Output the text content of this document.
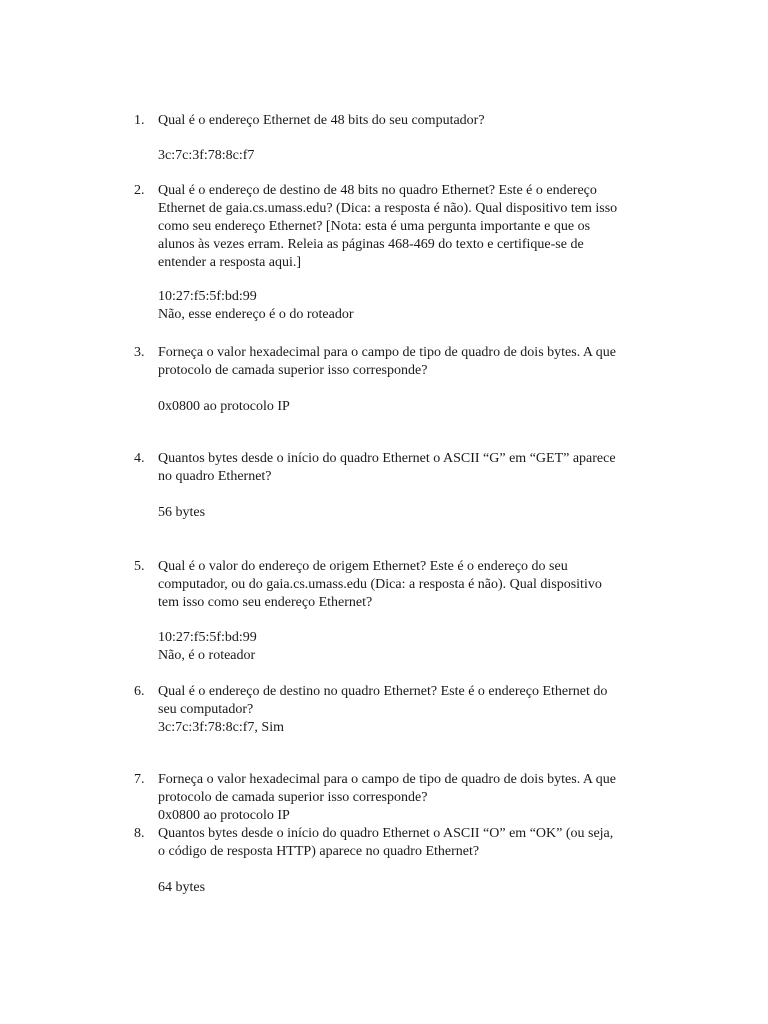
1. Qual é o endereço Ethernet de 48 bits do seu computador?
3c:7c:3f:78:8c:f7
2. Qual é o endereço de destino de 48 bits no quadro Ethernet? Este é o endereço
Ethernet de gaia.cs.umass.edu? (Dica: a resposta é não). Qual dispositivo tem isso
como seu endereço Ethernet? [Nota: esta é uma pergunta importante e que os
alunos às vezes erram. Releia as páginas 468-469 do texto e certifique-se de
entender a resposta aqui.]
10:27:f5:5f:bd:99
Não, esse endereço é o do roteador
3. Forneça o valor hexadecimal para o campo de tipo de quadro de dois bytes. A que
protocolo de camada superior isso corresponde?
0x0800 ao protocolo IP
4. Quantos bytes desde o início do quadro Ethernet o ASCII “G” em “GET” aparece
no quadro Ethernet?
56 bytes
5. Qual é o valor do endereço de origem Ethernet? Este é o endereço do seu
computador, ou do gaia.cs.umass.edu (Dica: a resposta é não). Qual dispositivo
tem isso como seu endereço Ethernet?
10:27:f5:5f:bd:99
Não, é o roteador
6. Qual é o endereço de destino no quadro Ethernet? Este é o endereço Ethernet do
seu computador?
3c:7c:3f:78:8c:f7, Sim
7. Forneça o valor hexadecimal para o campo de tipo de quadro de dois bytes. A que
protocolo de camada superior isso corresponde?
0x0800 ao protocolo IP
8. Quantos bytes desde o início do quadro Ethernet o ASCII “O” em “OK” (ou seja,
o código de resposta HTTP) aparece no quadro Ethernet?
64 bytes
